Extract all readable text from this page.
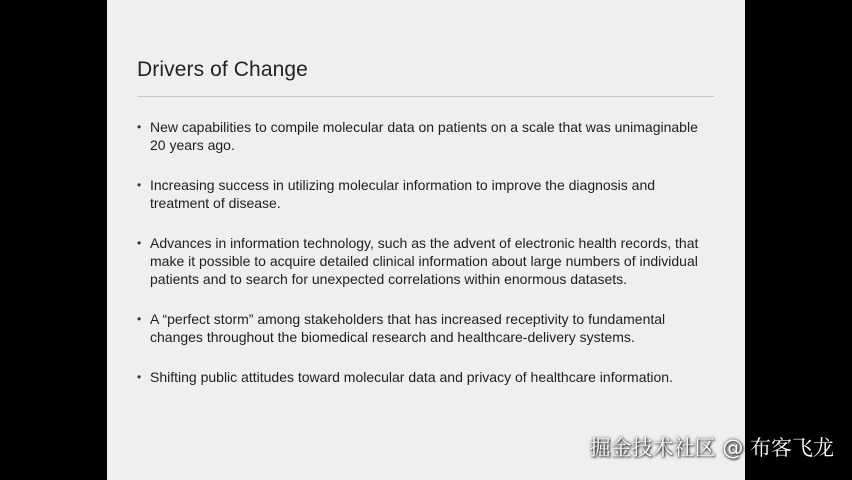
Drivers of Change
• New capabilities to compile molecular data on patients on a scale that was unimaginable 20 years ago.
• Increasing success in utilizing molecular information to improve the diagnosis and treatment of disease.
• Advances in information technology, such as the advent of electronic health records, that make it possible to acquire detailed clinical information about large numbers of individual patients and to search for unexpected correlations within enormous datasets.
• A “perfect storm” among stakeholders that has increased receptivity to fundamental changes throughout the biomedical research and healthcare-delivery systems.
• Shifting public attitudes toward molecular data and privacy of healthcare information.
掘金技术社区 @ 布客飞龙
